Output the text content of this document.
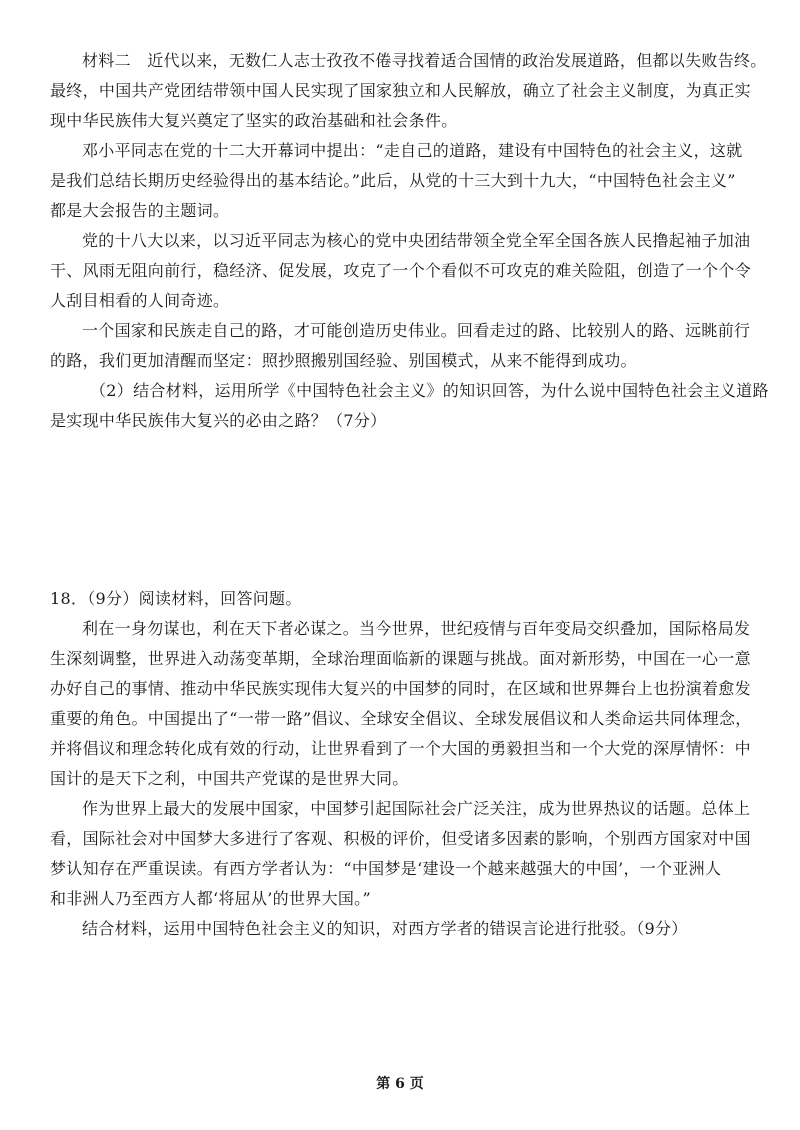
材料二　近代以来，无数仁人志士孜孜不倦寻找着适合国情的政治发展道路，但都以失败告终。
最终，中国共产党团结带领中国人民实现了国家独立和人民解放，确立了社会主义制度，为真正实
现中华民族伟大复兴奠定了坚实的政治基础和社会条件。
邓小平同志在党的十二大开幕词中提出：“走自己的道路，建设有中国特色的社会主义，这就
是我们总结长期历史经验得出的基本结论。”此后，从党的十三大到十九大，“中国特色社会主义”
都是大会报告的主题词。
党的十八大以来，以习近平同志为核心的党中央团结带领全党全军全国各族人民撸起袖子加油
干、风雨无阻向前行，稳经济、促发展，攻克了一个个看似不可攻克的难关险阻，创造了一个个令
人刮目相看的人间奇迹。
一个国家和民族走自己的路，才可能创造历史伟业。回看走过的路、比较别人的路、远眺前行
的路，我们更加清醒而坚定：照抄照搬别国经验、别国模式，从来不能得到成功。
（2）结合材料，运用所学《中国特色社会主义》的知识回答，为什么说中国特色社会主义道路
是实现中华民族伟大复兴的必由之路？（7分）
18．（9分）阅读材料，回答问题。
利在一身勿谋也，利在天下者必谋之。当今世界，世纪疫情与百年变局交织叠加，国际格局发
生深刻调整，世界进入动荡变革期，全球治理面临新的课题与挑战。面对新形势，中国在一心一意
办好自己的事情、推动中华民族实现伟大复兴的中国梦的同时，在区域和世界舞台上也扮演着愈发
重要的角色。中国提出了“一带一路”倡议、全球安全倡议、全球发展倡议和人类命运共同体理念，
并将倡议和理念转化成有效的行动，让世界看到了一个大国的勇毅担当和一个大党的深厚情怀：中
国计的是天下之利，中国共产党谋的是世界大同。
作为世界上最大的发展中国家，中国梦引起国际社会广泛关注，成为世界热议的话题。总体上
看，国际社会对中国梦大多进行了客观、积极的评价，但受诸多因素的影响，个别西方国家对中国
梦认知存在严重误读。有西方学者认为：“中国梦是‘建设一个越来越强大的中国’，一个亚洲人
和非洲人乃至西方人都‘将屈从’的世界大国。”
结合材料，运用中国特色社会主义的知识，对西方学者的错误言论进行批驳。（9分）
第 6 页
